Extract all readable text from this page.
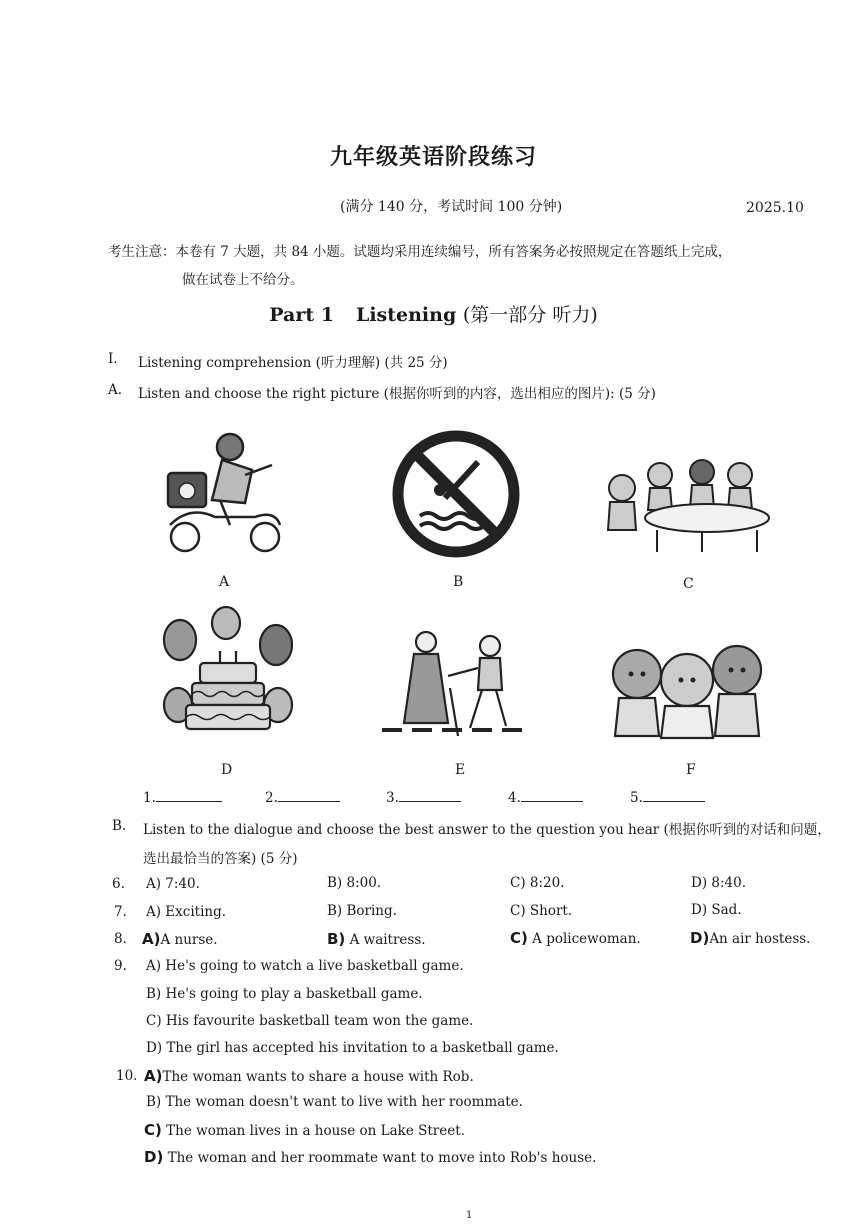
九年级英语阶段练习
(满分 140 分，考试时间 100 分钟)	2025.10
考生注意：本卷有 7 大题，共 84 小题。试题均采用连续编号，所有答案务必按照规定在答题纸上完成，
做在试卷上不给分。
Part 1 Listening (第一部分 听力)
I. Listening comprehension (听力理解) (共 25 分)
A. Listen and choose the right picture (根据你听到的内容，选出相应的图片): (5 分)
A	B	C
D	E	F
1.	2.	3.	4.	5.
B. Listen to the dialogue and choose the best answer to the question you hear (根据你听到的对话和问题，
选出最恰当的答案) (5 分)
6. A) 7:40.	B) 8:00.	C) 8:20.	D) 8:40.
7. A) Exciting.	B) Boring.	C) Short.	D) Sad.
8. A)A nurse.	B) A waitress.	C) A policewoman.	D)An air hostess.
9. A) He's going to watch a live basketball game.
B) He's going to play a basketball game.
C) His favourite basketball team won the game.
D) The girl has accepted his invitation to a basketball game.
10. A)The woman wants to share a house with Rob.
B) The woman doesn't want to live with her roommate.
C) The woman lives in a house on Lake Street.
D) The woman and her roommate want to move into Rob's house.
1
